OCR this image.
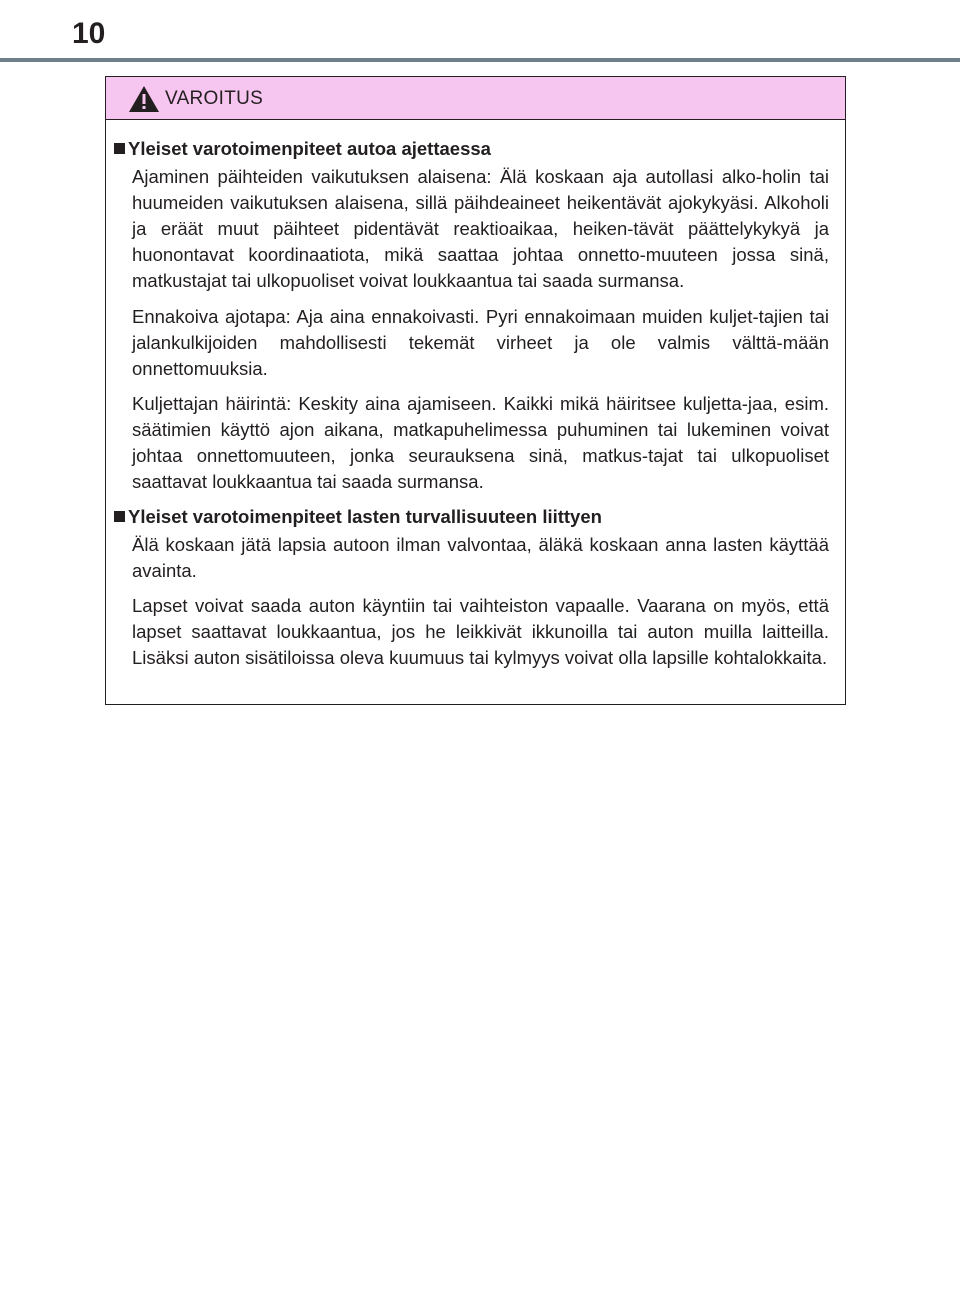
10
VAROITUS
Yleiset varotoimenpiteet autoa ajettaessa

Ajaminen päihteiden vaikutuksen alaisena: Älä koskaan aja autollasi alko-holin tai huumeiden vaikutuksen alaisena, sillä päihdeaineet heikentävät ajokykyäsi. Alkoholi ja eräät muut päihteet pidentävät reaktioaikaa, heiken-tävät päättelykykyä ja huonontavat koordinaatiota, mikä saattaa johtaa onnetto-muuteen jossa sinä, matkustajat tai ulkopuoliset voivat loukkaantua tai saada surmansa.

Ennakoiva ajotapa: Aja aina ennakoivasti. Pyri ennakoimaan muiden kuljet-tajien tai jalankulkijoiden mahdollisesti tekemät virheet ja ole valmis välttä-mään onnettomuuksia.

Kuljettajan häirintä: Keskity aina ajamiseen. Kaikki mikä häiritsee kuljetta-jaa, esim. säätimien käyttö ajon aikana, matkapuhelimessa puhuminen tai lukeminen voivat johtaa onnettomuuteen, jonka seurauksena sinä, matkus-tajat tai ulkopuoliset saattavat loukkaantua tai saada surmansa.

Yleiset varotoimenpiteet lasten turvallisuuteen liittyen

Älä koskaan jätä lapsia autoon ilman valvontaa, äläkä koskaan anna lasten käyttää avainta.

Lapset voivat saada auton käyntiin tai vaihteiston vapaalle. Vaarana on myös, että lapset saattavat loukkaantua, jos he leikkivät ikkunoilla tai auton muilla laitteilla. Lisäksi auton sisätiloissa oleva kuumuus tai kylmyys voivat olla lapsille kohtalokkaita.
